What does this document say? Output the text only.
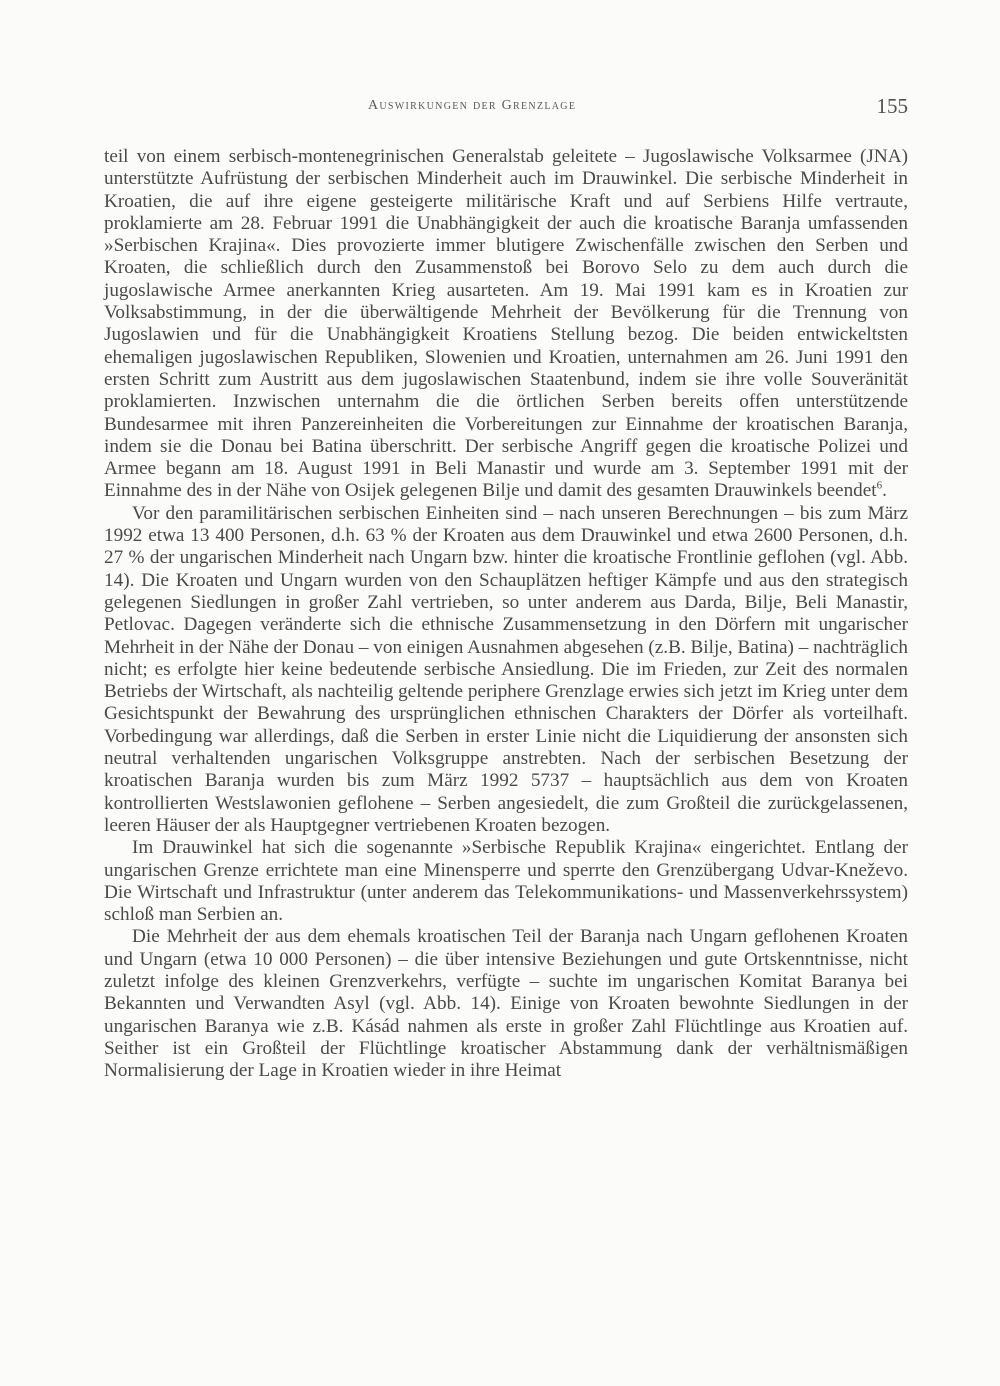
Auswirkungen der Grenzlage	155

teil von einem serbisch-montenegrinischen Generalstab geleitete – Jugoslawische Volksarmee (JNA) unterstützte Aufrüstung der serbischen Minderheit auch im Drauwinkel. Die serbische Minderheit in Kroatien, die auf ihre eigene gesteigerte militärische Kraft und auf Serbiens Hilfe vertraute, proklamierte am 28. Februar 1991 die Unabhängigkeit der auch die kroatische Baranja umfassenden »Serbischen Krajina«. Dies provozierte immer blutigere Zwischenfälle zwischen den Serben und Kroaten, die schließlich durch den Zusammenstoß bei Borovo Selo zu dem auch durch die jugoslawische Armee anerkannten Krieg ausarteten. Am 19. Mai 1991 kam es in Kroatien zur Volksabstimmung, in der die überwältigende Mehrheit der Bevölkerung für die Trennung von Jugoslawien und für die Unabhängigkeit Kroatiens Stellung bezog. Die beiden entwickeltsten ehemaligen jugoslawischen Republiken, Slowenien und Kroatien, unternahmen am 26. Juni 1991 den ersten Schritt zum Austritt aus dem jugoslawischen Staatenbund, indem sie ihre volle Souveränität proklamierten. Inzwischen unternahm die die örtlichen Serben bereits offen unterstützende Bundesarmee mit ihren Panzereinheiten die Vorbereitungen zur Einnahme der kroatischen Baranja, indem sie die Donau bei Batina überschritt. Der serbische Angriff gegen die kroatische Polizei und Armee begann am 18. August 1991 in Beli Manastir und wurde am 3. September 1991 mit der Einnahme des in der Nähe von Osijek gelegenen Bilje und damit des gesamten Drauwinkels beendet$^6$.

Vor den paramilitärischen serbischen Einheiten sind – nach unseren Berechnungen – bis zum März 1992 etwa 13 400 Personen, d.h. 63 % der Kroaten aus dem Drauwinkel und etwa 2600 Personen, d.h. 27 % der ungarischen Minderheit nach Ungarn bzw. hinter die kroatische Frontlinie geflohen (vgl. Abb. 14). Die Kroaten und Ungarn wurden von den Schauplätzen heftiger Kämpfe und aus den strategisch gelegenen Siedlungen in großer Zahl vertrieben, so unter anderem aus Darda, Bilje, Beli Manastir, Petlovac. Dagegen veränderte sich die ethnische Zusammensetzung in den Dörfern mit ungarischer Mehrheit in der Nähe der Donau – von einigen Ausnahmen abgesehen (z.B. Bilje, Batina) – nachträglich nicht; es erfolgte hier keine bedeutende serbische Ansiedlung. Die im Frieden, zur Zeit des normalen Betriebs der Wirtschaft, als nachteilig geltende periphere Grenzlage erwies sich jetzt im Krieg unter dem Gesichtspunkt der Bewahrung des ursprünglichen ethnischen Charakters der Dörfer als vorteilhaft. Vorbedingung war allerdings, daß die Serben in erster Linie nicht die Liquidierung der ansonsten sich neutral verhaltenden ungarischen Volksgruppe anstrebten. Nach der serbischen Besetzung der kroatischen Baranja wurden bis zum März 1992 5737 – hauptsächlich aus dem von Kroaten kontrollierten Westslawonien geflohene – Serben angesiedelt, die zum Großteil die zurückgelassenen, leeren Häuser der als Hauptgegner vertriebenen Kroaten bezogen.

Im Drauwinkel hat sich die sogenannte »Serbische Republik Krajina« eingerichtet. Entlang der ungarischen Grenze errichtete man eine Minensperre und sperrte den Grenzübergang Udvar-Kneževo. Die Wirtschaft und Infrastruktur (unter anderem das Telekommunikations- und Massenverkehrssystem) schloß man Serbien an.

Die Mehrheit der aus dem ehemals kroatischen Teil der Baranja nach Ungarn geflohenen Kroaten und Ungarn (etwa 10 000 Personen) – die über intensive Beziehungen und gute Ortskenntnisse, nicht zuletzt infolge des kleinen Grenzverkehrs, verfügte – suchte im ungarischen Komitat Baranya bei Bekannten und Verwandten Asyl (vgl. Abb. 14). Einige von Kroaten bewohnte Siedlungen in der ungarischen Baranya wie z.B. Kásád nahmen als erste in großer Zahl Flüchtlinge aus Kroatien auf. Seither ist ein Großteil der Flüchtlinge kroatischer Abstammung dank der verhältnismäßigen Normalisierung der Lage in Kroatien wieder in ihre Heimat
